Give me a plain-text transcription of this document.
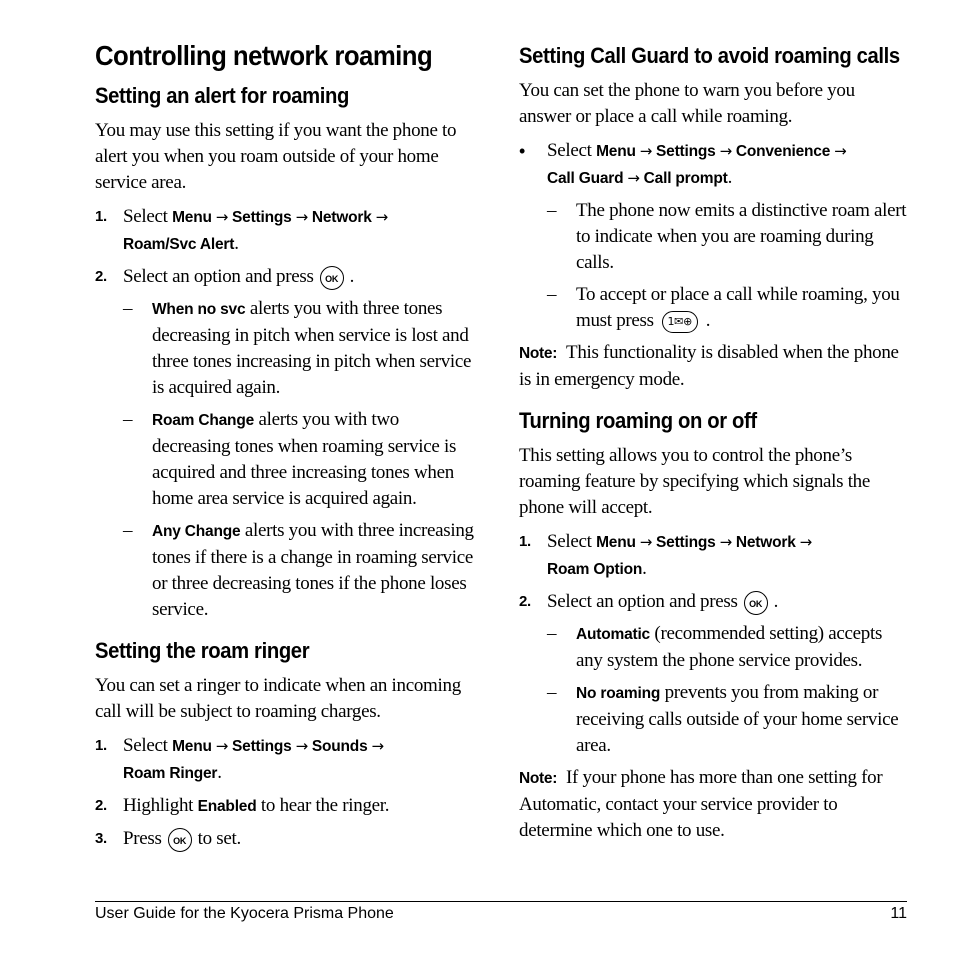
Controlling network roaming
Setting an alert for roaming

You may use this setting if you want the phone to alert you when you roam outside of your home service area.

1. Select Menu → Settings → Network →
Roam/Svc Alert.
2. Select an option and press OK .
– When no svc alerts you with three tones decreasing in pitch when service is lost and three tones increasing in pitch when service is acquired again.
– Roam Change alerts you with two decreasing tones when roaming service is acquired and three increasing tones when home area service is acquired again.
– Any Change alerts you with three increasing tones if there is a change in roaming service or three decreasing tones if the phone loses service.
Setting the roam ringer

You can set a ringer to indicate when an incoming call will be subject to roaming charges.

1. Select Menu → Settings → Sounds →
Roam Ringer.
2. Highlight Enabled to hear the ringer.
3. Press OK to set.
Setting Call Guard to avoid roaming calls

You can set the phone to warn you before you answer or place a call while roaming.

• Select Menu → Settings → Convenience →
Call Guard → Call prompt.
– The phone now emits a distinctive roam alert to indicate when you are roaming during calls.
– To accept or place a call while roaming, you must press 1✉⊕ .

Note: This functionality is disabled when the phone is in emergency mode.

Turning roaming on or off

This setting allows you to control the phone’s roaming feature by specifying which signals the phone will accept.

1. Select Menu → Settings → Network →
Roam Option.
2. Select an option and press OK .
– Automatic (recommended setting) accepts any system the phone service provides.
– No roaming prevents you from making or receiving calls outside of your home service area.

Note: If your phone has more than one setting for Automatic, contact your service provider to determine which one to use.

User Guide for the Kyocera Prisma Phone	11
